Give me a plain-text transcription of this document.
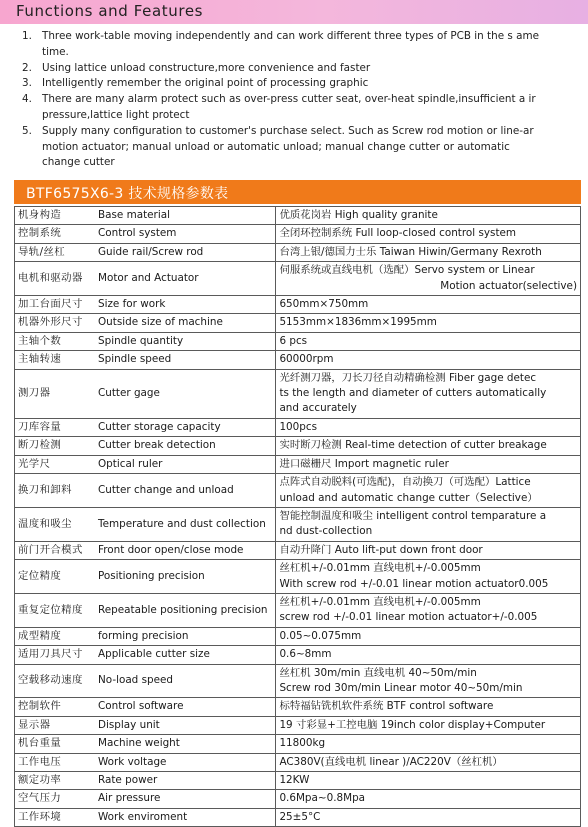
Functions and Features
1. Three work-table moving independently and can work different three types of PCB in the s ame time.
2. Using lattice unload constructure,more convenience and faster
3. Intelligently remember the original point of processing graphic
4. There are many alarm protect such as over-press cutter seat, over-heat spindle,insufficient a ir pressure,lattice light protect
5. Supply many configuration to customer's purchase select. Such as Screw rod motion or line-ar motion actuator; manual unload or automatic unload; manual change cutter or automatic change cutter
BTF6575X6-3 技术规格参数表
机身构造 Base material	优质花岗岩 High quality granite

控制系统 Control system	全闭环控制系统 Full loop-closed control system

导轨/丝杠 Guide rail/Screw rod	台湾上银/德国力士乐 Taiwan Hiwin/Germany Rexroth

电机和驱动器 Motor and Actuator	伺服系统或直线电机（选配）Servo system or Linear
Motion actuator(selective)

加工台面尺寸 Size for work	650mm×750mm

机器外形尺寸 Outside size of machine	5153mm×1836mm×1995mm

主轴个数 Spindle quantity	6 pcs

主轴转速 Spindle speed	60000rpm

测刀器 Cutter gage	光纤测刀器，刀长刀径自动精确检测 Fiber gage detec
ts the length and diameter of cutters automatically
and accurately

刀库容量 Cutter storage capacity	100pcs

断刀检测 Cutter break detection	实时断刀检测 Real-time detection of cutter breakage

光学尺 Optical ruler	进口磁栅尺 Import magnetic ruler

换刀和卸料 Cutter change and unload	点阵式自动脱料(可选配)，自动换刀（可选配）Lattice
unload and automatic change cutter（Selective）

温度和吸尘 Temperature and dust collection	智能控制温度和吸尘 intelligent control temparature a
nd dust-collection

前门开合模式 Front door open/close mode	自动升降门 Auto lift-put down front door

定位精度 Positioning precision	丝杠机+/-0.01mm 直线电机+/-0.005mm
With screw rod +/-0.01 linear motion actuator0.005

重复定位精度 Repeatable positioning precision	丝杠机+/-0.01mm 直线电机+/-0.005mm
screw rod +/-0.01 linear motion actuator+/-0.005

成型精度 forming precision	0.05~0.075mm

适用刀具尺寸 Applicable cutter size	0.6~8mm

空载移动速度 No-load speed	丝杠机 30m/min 直线电机 40~50m/min
Screw rod 30m/min Linear motor 40~50m/min

控制软件 Control software	标特福钻铣机软件系统 BTF control software

显示器 Display unit	19 寸彩显+工控电脑 19inch color display+Computer

机台重量 Machine weight	11800kg

工作电压 Work voltage	AC380V(直线电机 linear )/AC220V（丝杠机）

额定功率 Rate power	12KW

空气压力 Air pressure	0.6Mpa~0.8Mpa

工作环境 Work enviroment	25±5°C
